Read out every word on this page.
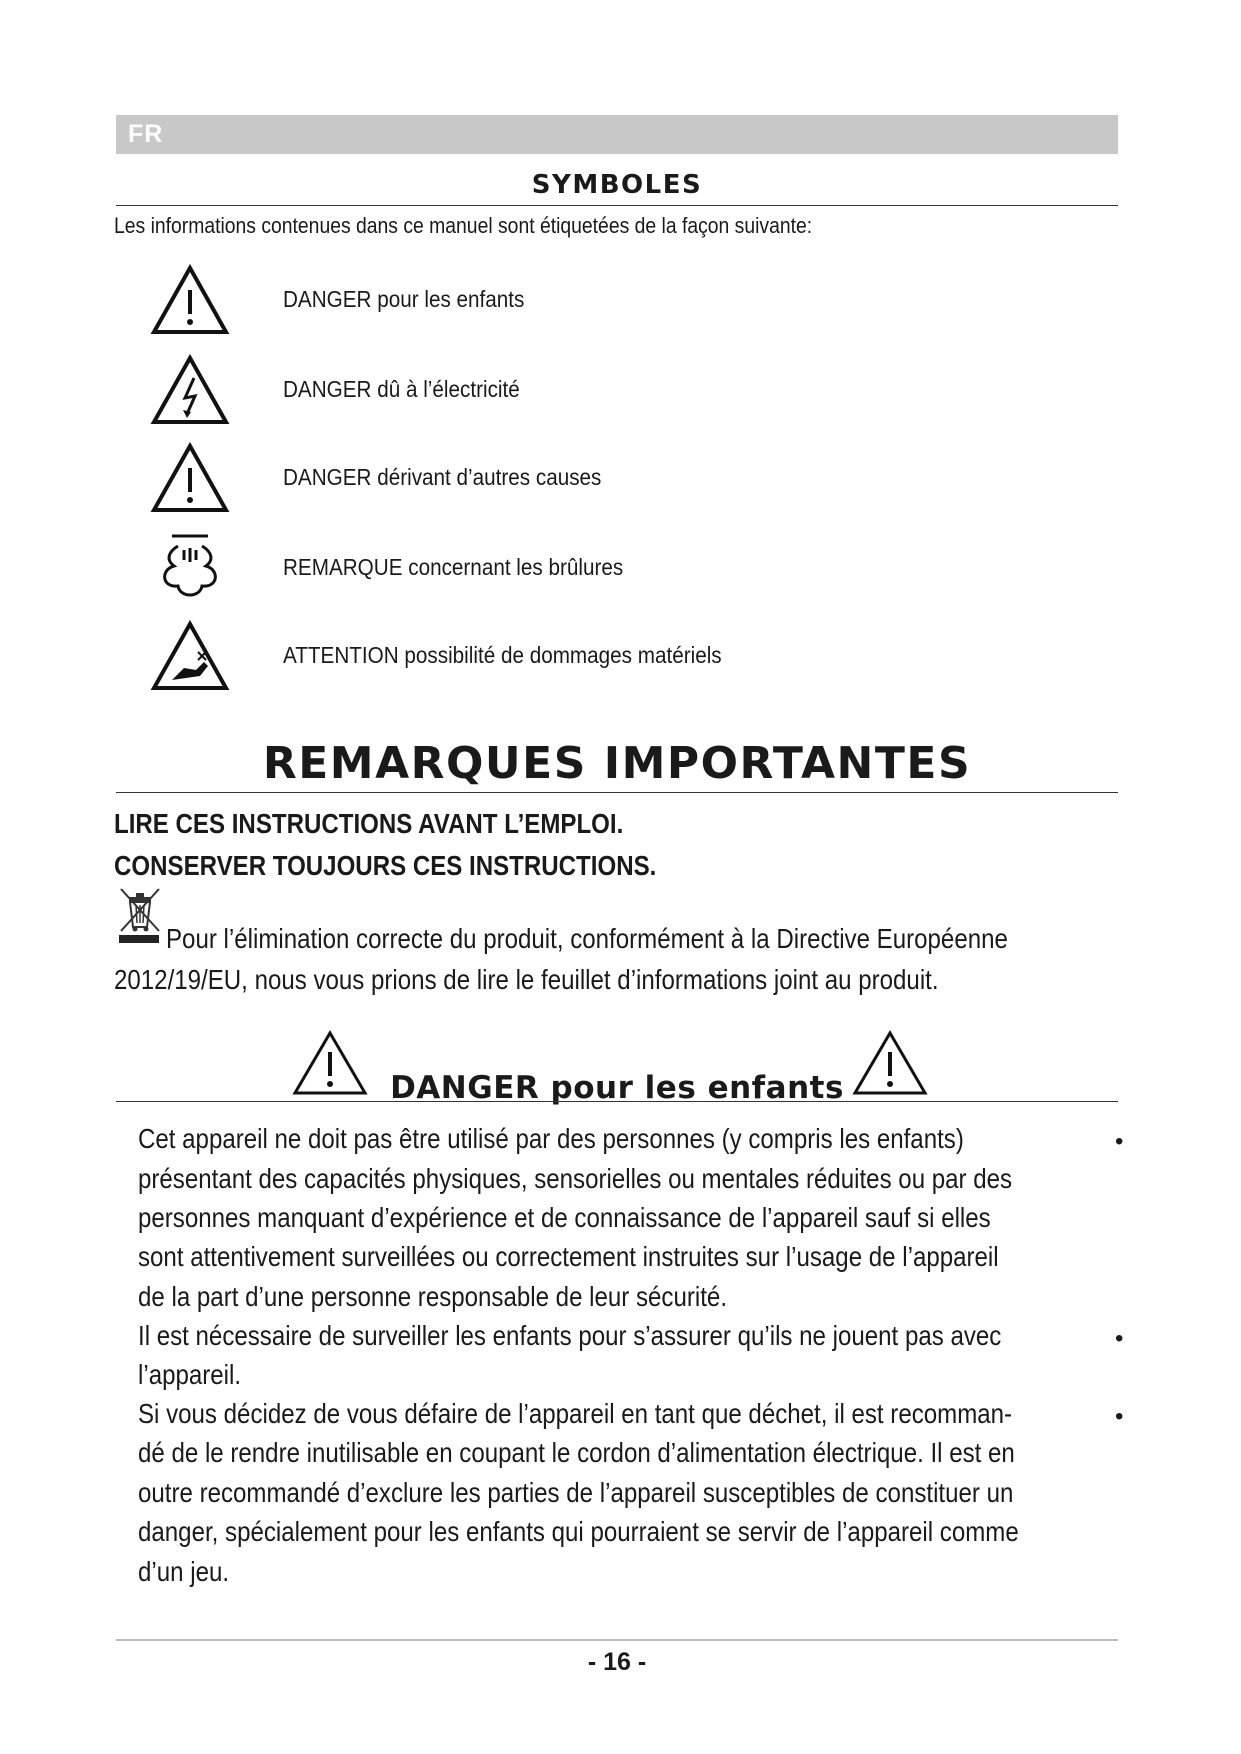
FR
SYMBOLES
Les informations contenues dans ce manuel sont étiquetées de la façon suivante:
DANGER pour les enfants
DANGER dû à l’électricité
DANGER dérivant d’autres causes
REMARQUE concernant les brûlures
ATTENTION possibilité de dommages matériels
REMARQUES IMPORTANTES
LIRE CES INSTRUCTIONS AVANT L’EMPLOI.
CONSERVER TOUJOURS CES INSTRUCTIONS.
Pour l’élimination correcte du produit, conformément à la Directive Européenne
2012/19/EU, nous vous prions de lire le feuillet d’informations joint au produit.
DANGER pour les enfants
Cet appareil ne doit pas être utilisé par des personnes (y compris les enfants)	•
présentant des capacités physiques, sensorielles ou mentales réduites ou par des
personnes manquant d’expérience et de connaissance de l’appareil sauf si elles
sont attentivement surveillées ou correctement instruites sur l’usage de l’appareil
de la part d’une personne responsable de leur sécurité.
Il est nécessaire de surveiller les enfants pour s’assurer qu’ils ne jouent pas avec	•
l’appareil.
Si vous décidez de vous défaire de l’appareil en tant que déchet, il est recomman-	•
dé de le rendre inutilisable en coupant le cordon d’alimentation électrique. Il est en
outre recommandé d’exclure les parties de l’appareil susceptibles de constituer un
danger, spécialement pour les enfants qui pourraient se servir de l’appareil comme
d’un jeu.
- 16 -
